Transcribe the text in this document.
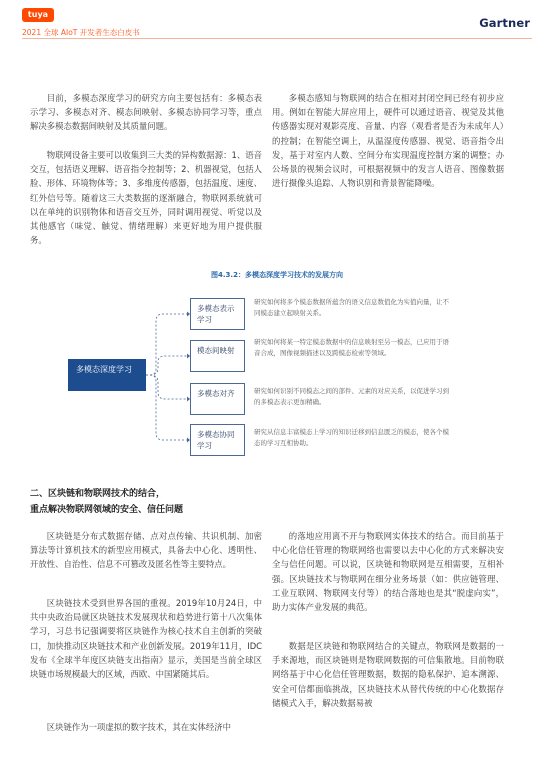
tuya
2021 全球 AIoT 开发者生态白皮书
Gartner

目前，多模态深度学习的研究方向主要包括有：多模态表示学习、多模态对齐、模态间映射、多模态协同学习等，重点解决多模态数据间映射及其质量问题。

物联网设备主要可以收集到三大类的异构数据源：1、语音交互，包括语义理解、语音指令控制等；2、机器视觉，包括人脸、形体、环境物体等；3、多维度传感器，包括温度、速度、红外信号等。随着这三大类数据的逐渐融合，物联网系统就可以在单纯的识别物体和语音交互外，同时调用视觉、听觉以及其他感官（味觉、触觉、情绪理解）来更好地为用户提供服务。

多模态感知与物联网的结合在相对封闭空间已经有初步应用。例如在智能大屏应用上，硬件可以通过语音、视觉及其他传感器实现对观影亮度、音量、内容（观看者是否为未成年人）的控制；在智能空调上，从温湿度传感器、视觉、语音指令出发，基于对室内人数、空间分布实现温度控制方案的调整；办公场景的视频会议时，可根据视频中的发言人语音、图像数据进行摄像头追踪、人物识别和背景智能降噪。

图4.3.2：多模态深度学习技术的发展方向
多模态深度学习
多模态表示学习
模态间映射
多模态对齐
多模态协同学习

研究如何将多个模态数据所蕴含的语义信息数值化为实值向量，让不同模态建立起映射关系。

研究如何将某一特定模态数据中的信息映射至另一模态，已应用于语音合成，图像视频描述以及跨模态检索等领域。

研究如何识别不同模态之间的部件、元素的对应关系，以促进学习到的多模态表示更加精确。

研究从信息丰富模态上学习的知识迁移到信息匮乏的模态，使各个模态的学习互相协助。

二、区块链和物联网技术的结合，
重点解决物联网领域的安全、信任问题

区块链是分布式数据存储、点对点传输、共识机制、加密算法等计算机技术的新型应用模式，具备去中心化、透明性、开放性、自治性、信息不可篡改及匿名性等主要特点。

区块链技术受到世界各国的重视。2019年10月24日，中共中央政治局就区块链技术发展现状和趋势进行第十八次集体学习，习总书记强调要将区块链作为核心技术自主创新的突破口，加快推动区块链技术和产业创新发展。2019年11月，IDC发布《全球半年度区块链支出指南》显示，美国是当前全球区块链市场规模最大的区域，西欧、中国紧随其后。

区块链作为一项虚拟的数字技术，其在实体经济中

的落地应用离不开与物联网实体技术的结合。而目前基于中心化信任管理的物联网络也需要以去中心化的方式来解决安全与信任问题。可以说，区块链和物联网是互相需要，互相补强。区块链技术与物联网在细分业务场景（如：供应链管理、工业互联网、物联网支付等）的结合落地也是其“脱虚向实”，助力实体产业发展的典范。

数据是区块链和物联网结合的关键点，物联网是数据的一手来源地，而区块链则是物联网数据的可信集散地。目前物联网络基于中心化信任管理数据，数据的隐私保护、追本溯源、安全可信都面临挑战，区块链技术从替代传统的中心化数据存储模式入手，解决数据易被
